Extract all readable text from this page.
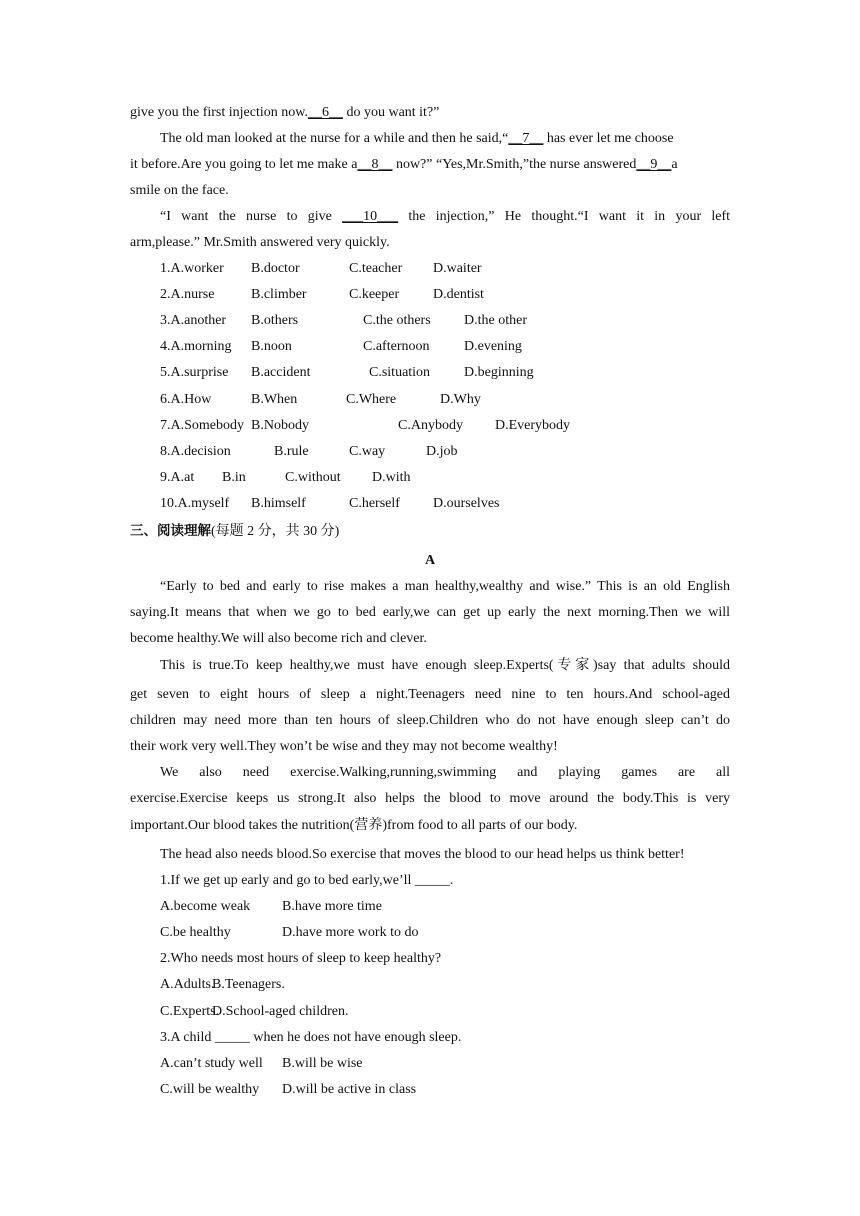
give you the first injection now.__6__ do you want it?”
The old man looked at the nurse for a while and then he said,“__7__ has ever let me choose
it before.Are you going to let me make a__8__ now?” “Yes,Mr.Smith,”the nurse answered__9__a
smile on the face.
“I want the nurse to give ___10___ the injection,” He thought.“I want it in your left
arm,please.” Mr.Smith answered very quickly.
1.A.worker B.doctor	C.teacher D.waiter
2.A.nurse	B.climber	C.keeper D.dentist
3.A.another B.others	C.the others D.the other
4.A.morning B.noon	C.afternoon D.evening
5.A.surprise B.accident	C.situation D.beginning
6.A.How	B.When	C.Where	D.Why
7.A.Somebody B.Nobody	C.Anybody D.Everybody
8.A.decision	B.rule	C.way	D.job
9.A.at B.in	C.without D.with
10.A.myself B.himself	C.herself D.ourselves
三、阅读理解(每题 2 分，共 30 分)
A
“Early to bed and early to rise makes a man healthy,wealthy and wise.” This is an old English
saying.It means that when we go to bed early,we can get up early the next morning.Then we will
become healthy.We will also become rich and clever.
This is true.To keep healthy,we must have enough sleep.Experts(专家)say that adults should
get seven to eight hours of sleep a night.Teenagers need nine to ten hours.And school-aged
children may need more than ten hours of sleep.Children who do not have enough sleep can’t do
their work very well.They won’t be wise and they may not become wealthy!
We also need exercise.Walking,running,swimming and playing games are all
exercise.Exercise keeps us strong.It also helps the blood to move around the body.This is very
important.Our blood takes the nutrition(营养)from food to all parts of our body.
The head also needs blood.So exercise that moves the blood to our head helps us think better!
1.If we get up early and go to bed early,we’ll _____.
A.become weak B.have more time
C.be healthy	D.have more work to do
2.Who needs most hours of sleep to keep healthy?
A.Adults.
B.Teenagers.
C.Experts.
D.School-aged children.
3.A child _____ when he does not have enough sleep.
A.can’t study well B.will be wise
C.will be wealthy D.will be active in class
